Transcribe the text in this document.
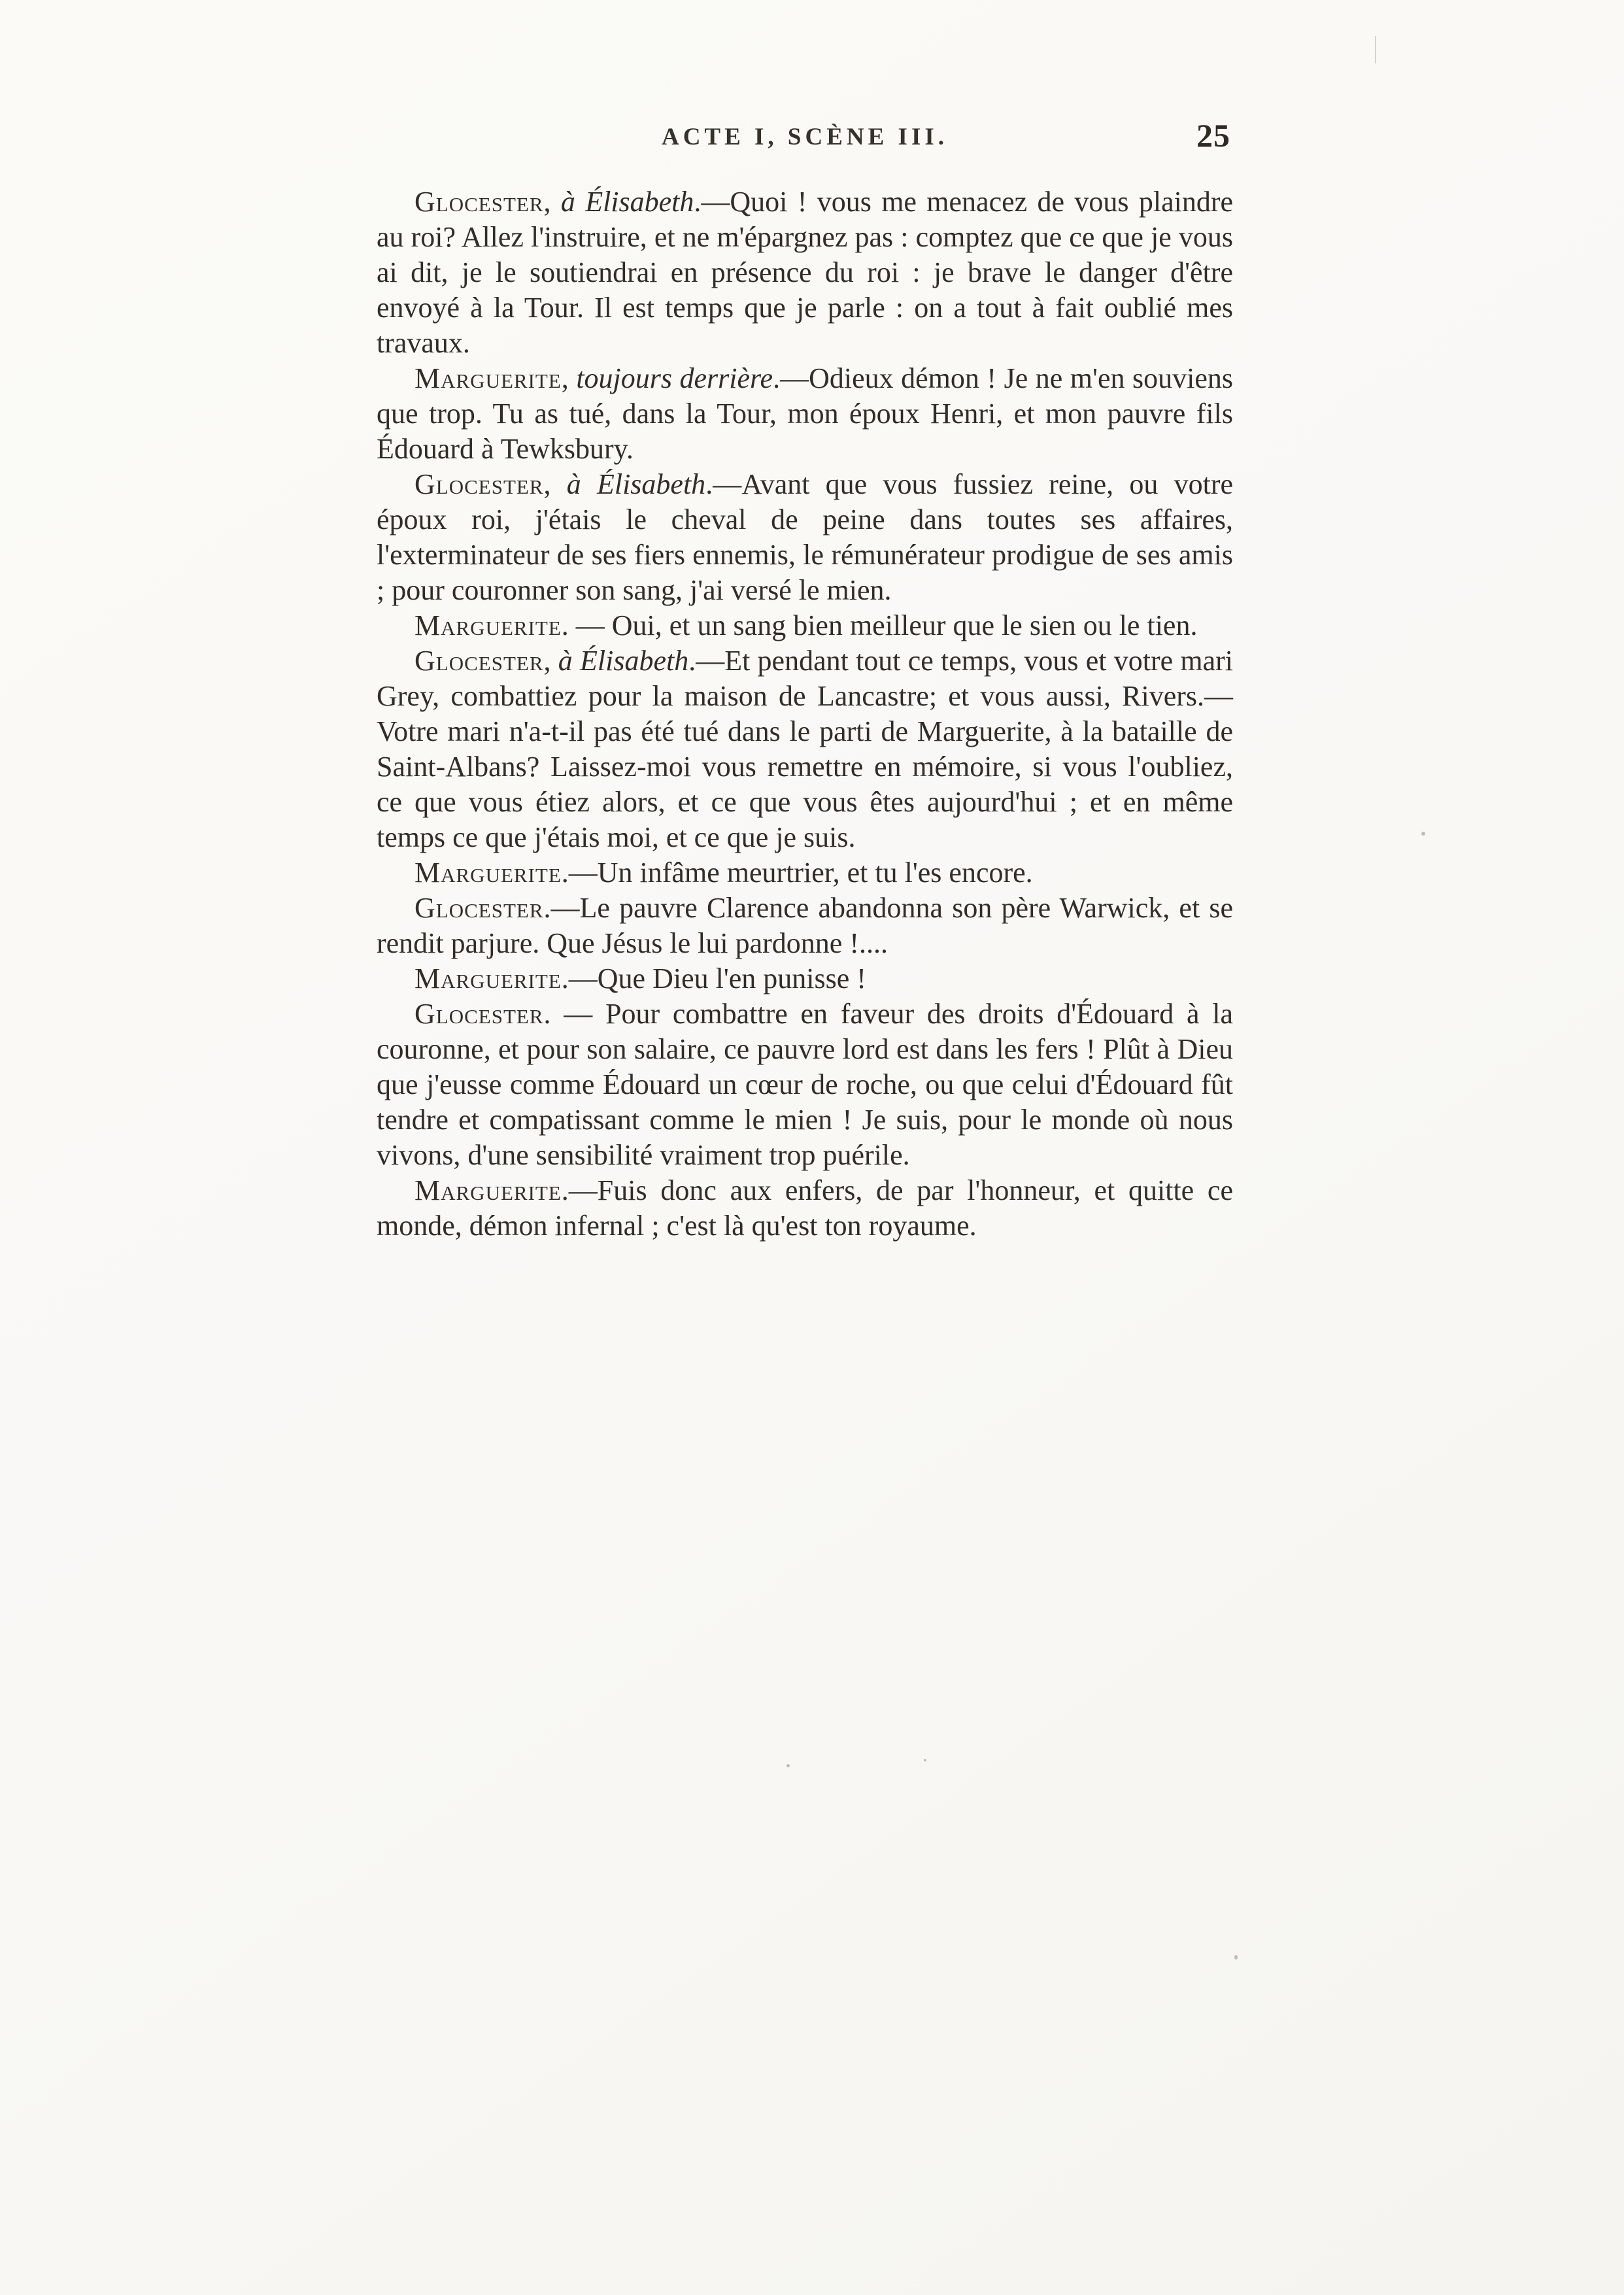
ACTE I, SCÈNE III.	25

Glocester, à Élisabeth.—Quoi ! vous me menacez de vous plaindre au roi? Allez l'instruire, et ne m'épargnez pas : comptez que ce que je vous ai dit, je le soutiendrai en présence du roi : je brave le danger d'être envoyé à la Tour. Il est temps que je parle : on a tout à fait oublié mes travaux.

Marguerite, toujours derrière.—Odieux démon ! Je ne m'en souviens que trop. Tu as tué, dans la Tour, mon époux Henri, et mon pauvre fils Édouard à Tewksbury.

Glocester, à Élisabeth.—Avant que vous fussiez reine, ou votre époux roi, j'étais le cheval de peine dans toutes ses affaires, l'exterminateur de ses fiers ennemis, le rémunérateur prodigue de ses amis ; pour couronner son sang, j'ai versé le mien.

Marguerite. — Oui, et un sang bien meilleur que le sien ou le tien.

Glocester, à Élisabeth.—Et pendant tout ce temps, vous et votre mari Grey, combattiez pour la maison de Lancastre; et vous aussi, Rivers.—Votre mari n'a-t-il pas été tué dans le parti de Marguerite, à la bataille de Saint-Albans? Laissez-moi vous remettre en mémoire, si vous l'oubliez, ce que vous étiez alors, et ce que vous êtes aujourd'hui ; et en même temps ce que j'étais moi, et ce que je suis.

Marguerite.—Un infâme meurtrier, et tu l'es encore.

Glocester.—Le pauvre Clarence abandonna son père Warwick, et se rendit parjure. Que Jésus le lui pardonne !....

Marguerite.—Que Dieu l'en punisse !

Glocester. — Pour combattre en faveur des droits d'Édouard à la couronne, et pour son salaire, ce pauvre lord est dans les fers ! Plût à Dieu que j'eusse comme Édouard un cœur de roche, ou que celui d'Édouard fût tendre et compatissant comme le mien ! Je suis, pour le monde où nous vivons, d'une sensibilité vraiment trop puérile.

Marguerite.—Fuis donc aux enfers, de par l'honneur, et quitte ce monde, démon infernal ; c'est là qu'est ton royaume.
